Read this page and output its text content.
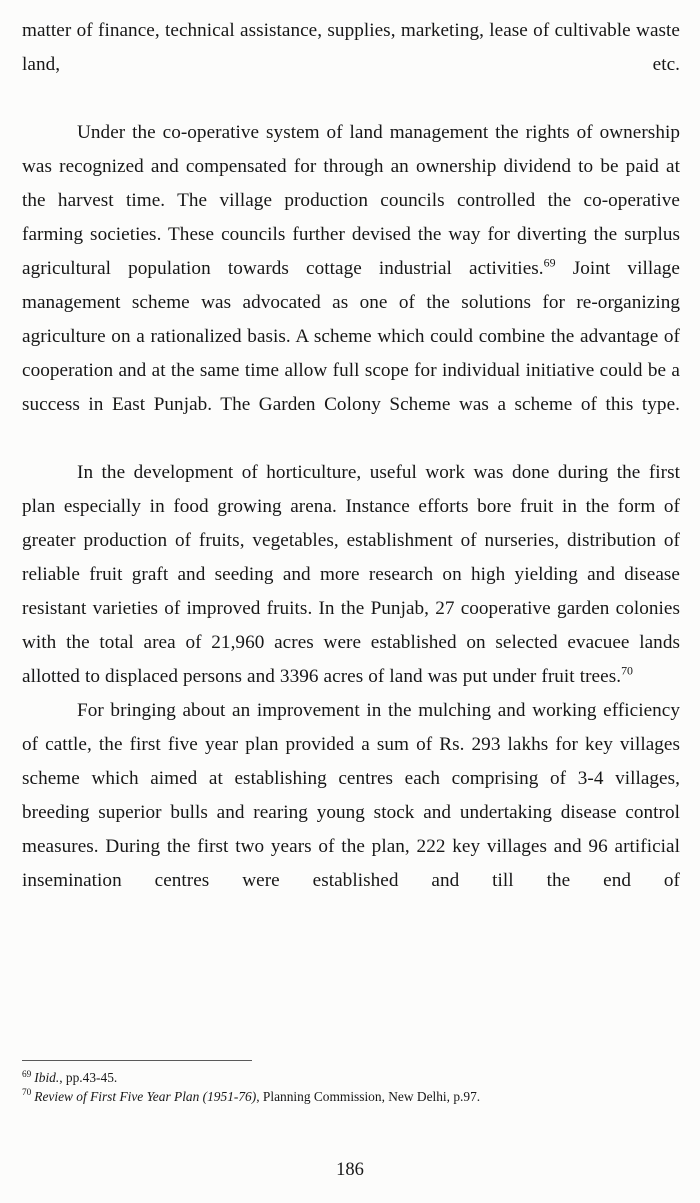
matter of finance, technical assistance, supplies, marketing, lease of cultivable waste land, etc.

Under the co-operative system of land management the rights of ownership was recognized and compensated for through an ownership dividend to be paid at the harvest time. The village production councils controlled the co-operative farming societies. These councils further devised the way for diverting the surplus agricultural population towards cottage industrial activities.$^{69}$ Joint village management scheme was advocated as one of the solutions for re-organizing agriculture on a rationalized basis. A scheme which could combine the advantage of cooperation and at the same time allow full scope for individual initiative could be a success in East Punjab. The Garden Colony Scheme was a scheme of this type.

In the development of horticulture, useful work was done during the first plan especially in food growing arena. Instance efforts bore fruit in the form of greater production of fruits, vegetables, establishment of nurseries, distribution of reliable fruit graft and seeding and more research on high yielding and disease resistant varieties of improved fruits. In the Punjab, 27 cooperative garden colonies with the total area of 21,960 acres were established on selected evacuee lands allotted to displaced persons and 3396 acres of land was put under fruit trees.$^{70}$

For bringing about an improvement in the mulching and working efficiency of cattle, the first five year plan provided a sum of Rs. 293 lakhs for key villages scheme which aimed at establishing centres each comprising of 3-4 villages, breeding superior bulls and rearing young stock and undertaking disease control measures. During the first two years of the plan, 222 key villages and 96 artificial insemination centres were established and till the end of

$^{69}$ Ibid., pp.43-45.

$^{70}$ Review of First Five Year Plan (1951-76), Planning Commission, New Delhi, p.97.

186
